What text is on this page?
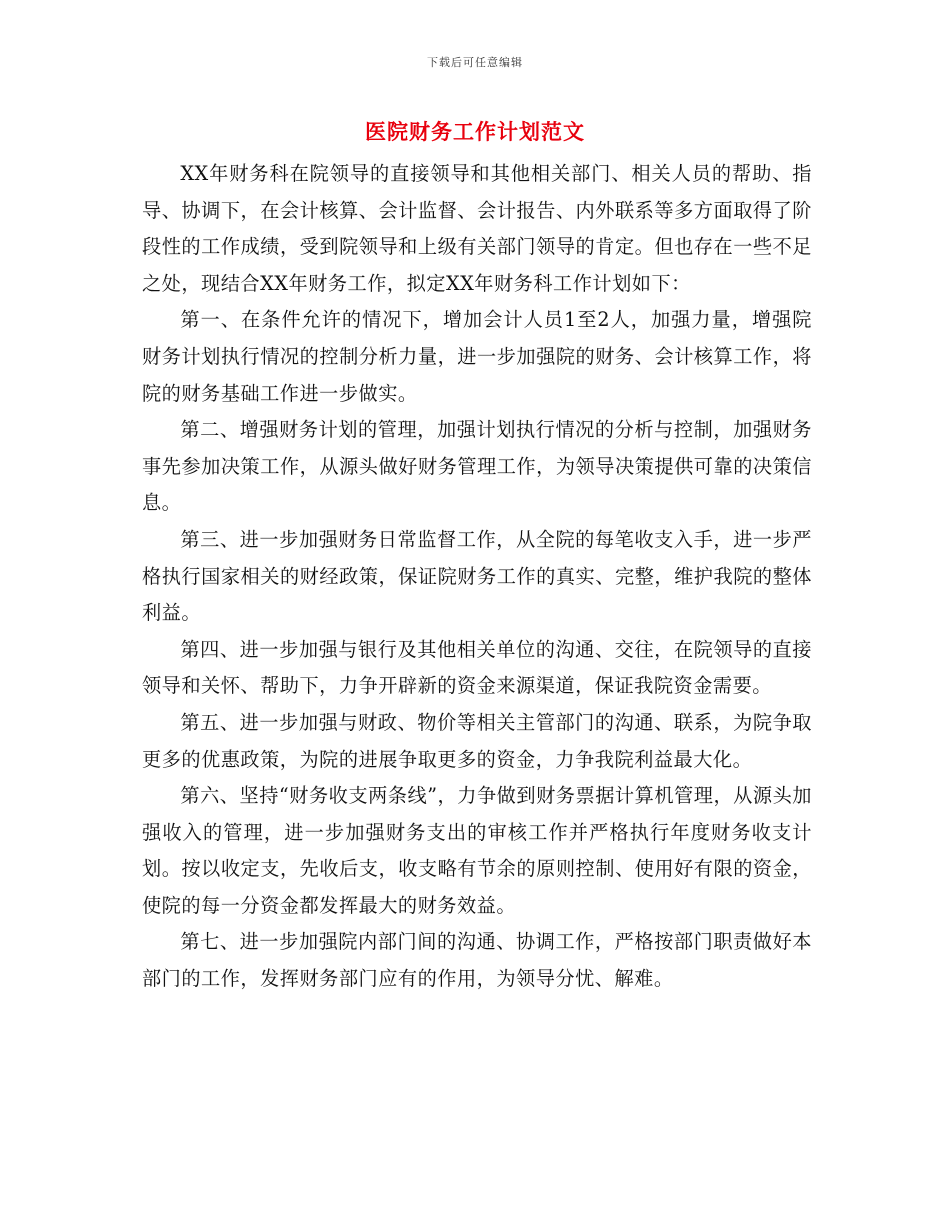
下载后可任意编辑
医院财务工作计划范文

XX年财务科在院领导的直接领导和其他相关部门、相关人员的帮助、指导、协调下，在会计核算、会计监督、会计报告、内外联系等多方面取得了阶段性的工作成绩，受到院领导和上级有关部门领导的肯定。但也存在一些不足之处，现结合XX年财务工作，拟定XX年财务科工作计划如下：

第一、在条件允许的情况下，增加会计人员1至2人，加强力量，增强院财务计划执行情况的控制分析力量，进一步加强院的财务、会计核算工作，将院的财务基础工作进一步做实。

第二、增强财务计划的管理，加强计划执行情况的分析与控制，加强财务事先参加决策工作，从源头做好财务管理工作，为领导决策提供可靠的决策信息。

第三、进一步加强财务日常监督工作，从全院的每笔收支入手，进一步严格执行国家相关的财经政策，保证院财务工作的真实、完整，维护我院的整体利益。

第四、进一步加强与银行及其他相关单位的沟通、交往，在院领导的直接领导和关怀、帮助下，力争开辟新的资金来源渠道，保证我院资金需要。

第五、进一步加强与财政、物价等相关主管部门的沟通、联系，为院争取更多的优惠政策，为院的进展争取更多的资金，力争我院利益最大化。

第六、坚持“财务收支两条线”，力争做到财务票据计算机管理，从源头加强收入的管理，进一步加强财务支出的审核工作并严格执行年度财务收支计划。按以收定支，先收后支，收支略有节余的原则控制、使用好有限的资金，使院的每一分资金都发挥最大的财务效益。

第七、进一步加强院内部门间的沟通、协调工作，严格按部门职责做好本部门的工作，发挥财务部门应有的作用，为领导分忧、解难。
